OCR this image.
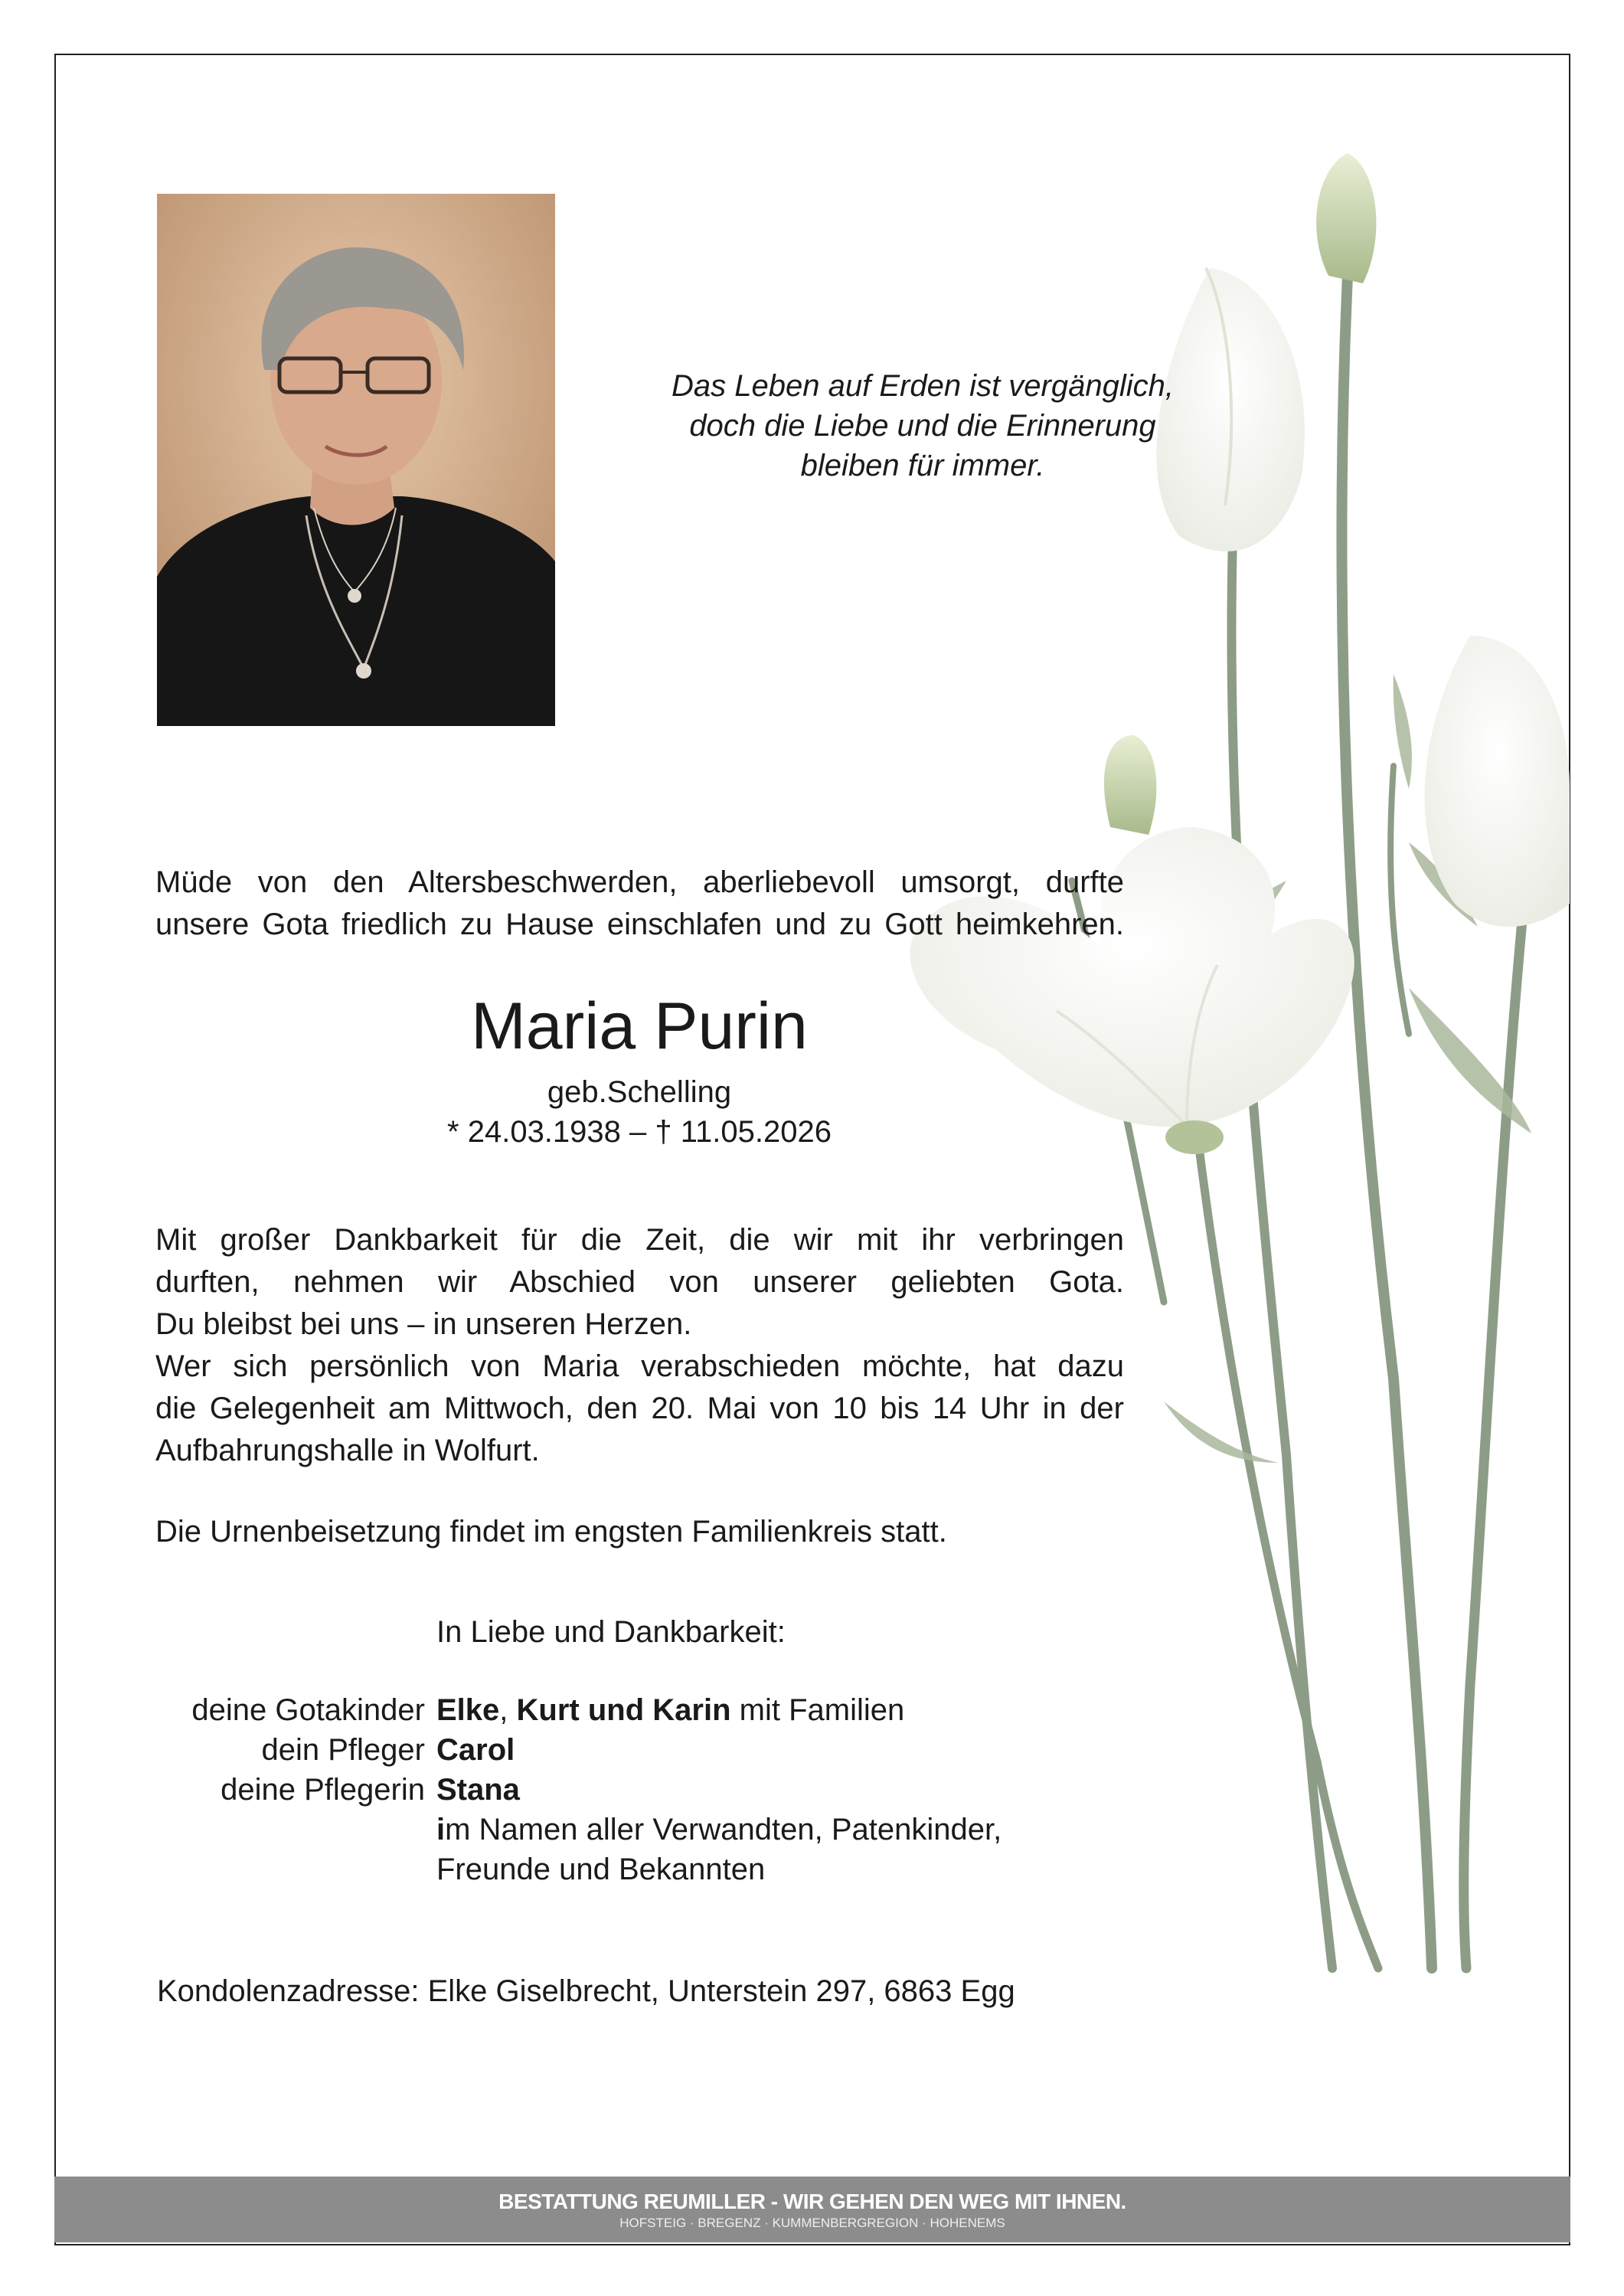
Das Leben auf Erden ist vergänglich,
doch die Liebe und die Erinnerung
bleiben für immer.
Müde von den Altersbeschwerden, aberliebevoll umsorgt, durfte
unsere Gota friedlich zu Hause einschlafen und zu Gott heimkehren.
Maria Purin
geb.Schelling
* 24.03.1938 – † 11.05.2026
Mit großer Dankbarkeit für die Zeit, die wir mit ihr verbringen
durften, nehmen wir Abschied von unserer geliebten Gota.
Du bleibst bei uns – in unseren Herzen.
Wer sich persönlich von Maria verabschieden möchte, hat dazu
die Gelegenheit am Mittwoch, den 20. Mai von 10 bis 14 Uhr in der
Aufbahrungshalle in Wolfurt.
Die Urnenbeisetzung findet im engsten Familienkreis statt.
In Liebe und Dankbarkeit:
deine Gotakinder
dein Pfleger
deine Pflegerin
Elke, Kurt und Karin mit Familien
Carol
Stana
im Namen aller Verwandten, Patenkinder,
Freunde und Bekannten
Kondolenzadresse: Elke Giselbrecht, Unterstein 297, 6863 Egg
BESTATTUNG REUMILLER - WIR GEHEN DEN WEG MIT IHNEN.
HOFSTEIG · BREGENZ · KUMMENBERGREGION · HOHENEMS
